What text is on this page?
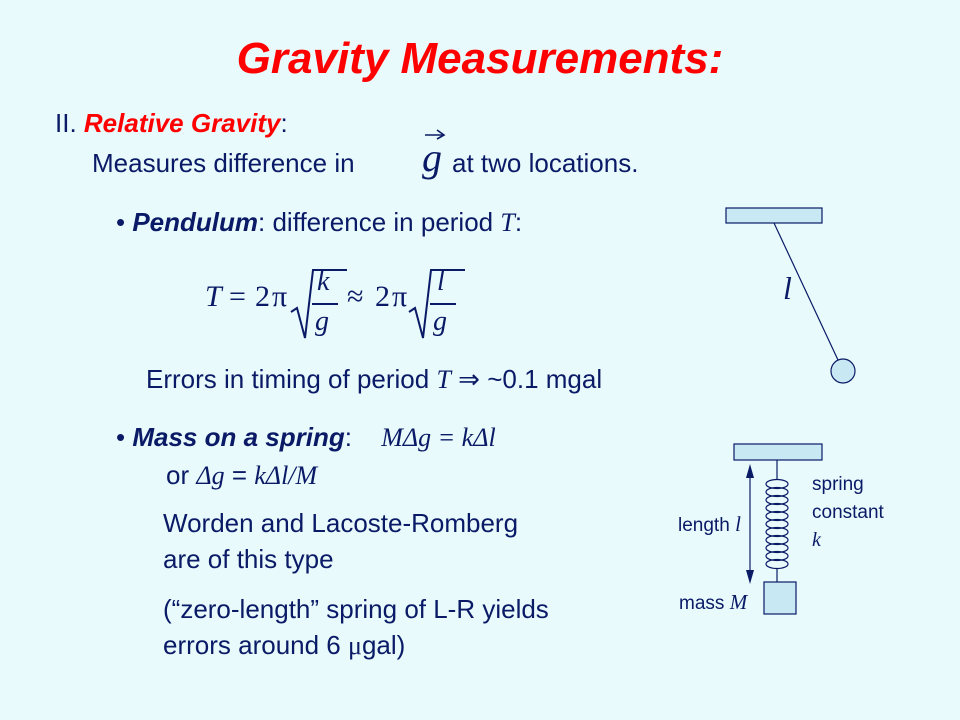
Gravity Measurements:
II. Relative Gravity:
Measures difference in g at two locations.
• Pendulum: difference in period T:
T = 2 π k
g
≈ 2 π l
g
Errors in timing of period T ⇒ ~0.1 mgal
l
• Mass on a spring: MΔg = kΔl
or Δg = kΔl/M
Worden and Lacoste-Romberg
are of this type
(“zero-length” spring of L-R yields
errors around 6 μgal)
spring
constant
k
length l
mass M
